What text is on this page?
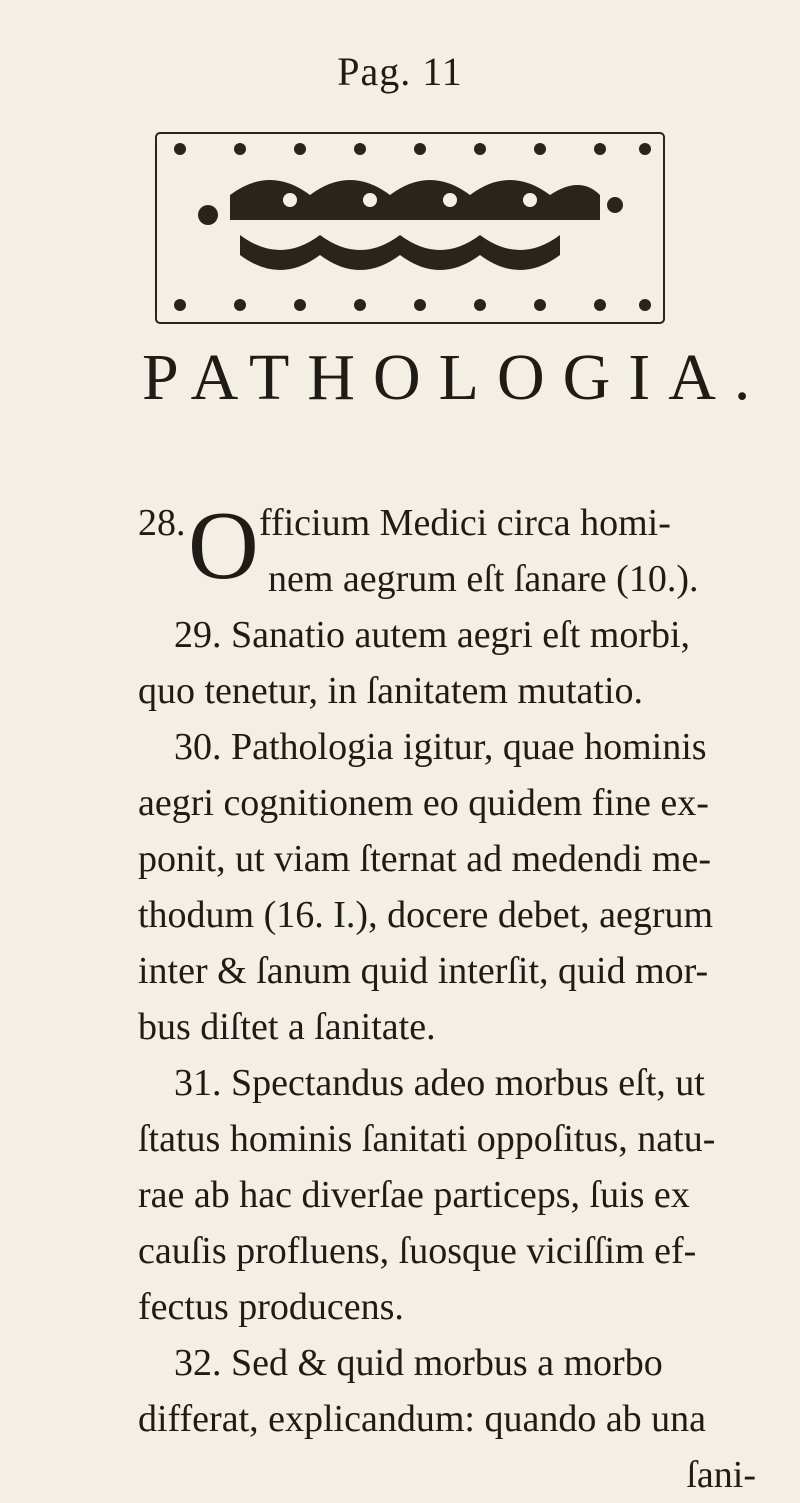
Pag. 11
PATHOLOGIA.
O
28. fficium Medici circa homi-
nem aegrum eſt ſanare (10.).
29. Sanatio autem aegri eſt morbi,
quo tenetur, in ſanitatem mutatio.
30. Pathologia igitur, quae hominis
aegri cognitionem eo quidem fine ex-
ponit, ut viam ſternat ad medendi me-
thodum (16. I.), docere debet, aegrum
inter & ſanum quid interſit, quid mor-
bus diſtet a ſanitate.
31. Spectandus adeo morbus eſt, ut
ſtatus hominis ſanitati oppoſitus, natu-
rae ab hac diverſae particeps, ſuis ex
cauſis profluens, ſuosque viciſſim ef-
fectus producens.
32. Sed & quid morbus a morbo
differat, explicandum: quando ab una
ſani-
